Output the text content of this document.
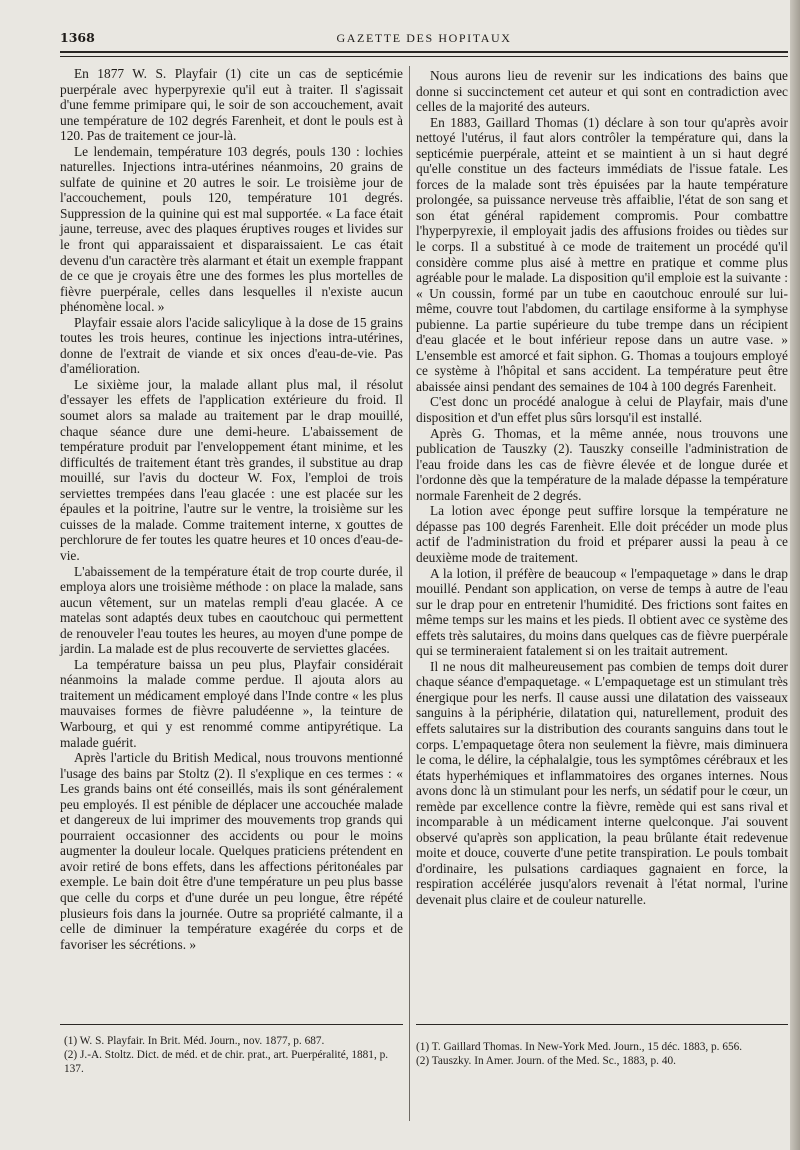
1368	GAZETTE DES HOPITAUX

En 1877 W. S. Playfair (1) cite un cas de septicémie puerpérale avec hyperpyrexie qu'il eut à traiter. Il s'agissait d'une femme primipare qui, le soir de son accouchement, avait une température de 102 degrés Farenheit, et dont le pouls est à 120. Pas de traitement ce jour-là.

Le lendemain, température 103 degrés, pouls 130 : lochies naturelles. Injections intra-utérines néanmoins, 20 grains de sulfate de quinine et 20 autres le soir. Le troisième jour de l'accouchement, pouls 120, température 101 degrés. Suppression de la quinine qui est mal supportée. « La face était jaune, terreuse, avec des plaques éruptives rouges et livides sur le front qui apparaissaient et disparaissaient. Le cas était devenu d'un caractère très alarmant et était un exemple frappant de ce que je croyais être une des formes les plus mortelles de fièvre puerpérale, celles dans lesquelles il n'existe aucun phénomène local. »

Playfair essaie alors l'acide salicylique à la dose de 15 grains toutes les trois heures, continue les injections intra-utérines, donne de l'extrait de viande et six onces d'eau-de-vie. Pas d'amélioration.

Le sixième jour, la malade allant plus mal, il résolut d'essayer les effets de l'application extérieure du froid. Il soumet alors sa malade au traitement par le drap mouillé, chaque séance dure une demi-heure. L'abaissement de température produit par l'enveloppement étant minime, et les difficultés de traitement étant très grandes, il substitue au drap mouillé, sur l'avis du docteur W. Fox, l'emploi de trois serviettes trempées dans l'eau glacée : une est placée sur les épaules et la poitrine, l'autre sur le ventre, la troisième sur les cuisses de la malade. Comme traitement interne, x gouttes de perchlorure de fer toutes les quatre heures et 10 onces d'eau-de-vie.

L'abaissement de la température était de trop courte durée, il employa alors une troisième méthode : on place la malade, sans aucun vêtement, sur un matelas rempli d'eau glacée. A ce matelas sont adaptés deux tubes en caoutchouc qui permettent de renouveler l'eau toutes les heures, au moyen d'une pompe de jardin. La malade est de plus recouverte de serviettes glacées.

La température baissa un peu plus, Playfair considérait néanmoins la malade comme perdue. Il ajouta alors au traitement un médicament employé dans l'Inde contre « les plus mauvaises formes de fièvre paludéenne », la teinture de Warbourg, et qui y est renommé comme antipyrétique. La malade guérit.

Après l'article du British Medical, nous trouvons mentionné l'usage des bains par Stoltz (2). Il s'explique en ces termes : « Les grands bains ont été conseillés, mais ils sont généralement peu employés. Il est pénible de déplacer une accouchée malade et dangereux de lui imprimer des mouvements trop grands qui pourraient occasionner des accidents ou pour le moins augmenter la douleur locale. Quelques praticiens prétendent en avoir retiré de bons effets, dans les affections péritonéales par exemple. Le bain doit être d'une température un peu plus basse que celle du corps et d'une durée un peu longue, être répété plusieurs fois dans la journée. Outre sa propriété calmante, il a celle de diminuer la température exagérée du corps et de favoriser les sécrétions. »

Nous aurons lieu de revenir sur les indications des bains que donne si succinctement cet auteur et qui sont en contradiction avec celles de la majorité des auteurs.

En 1883, Gaillard Thomas (1) déclare à son tour qu'après avoir nettoyé l'utérus, il faut alors contrôler la température qui, dans la septicémie puerpérale, atteint et se maintient à un si haut degré qu'elle constitue un des facteurs immédiats de l'issue fatale. Les forces de la malade sont très épuisées par la haute température prolongée, sa puissance nerveuse très affaiblie, l'état de son sang et son état général rapidement compromis. Pour combattre l'hyperpyrexie, il employait jadis des affusions froides ou tièdes sur le corps. Il a substitué à ce mode de traitement un procédé qu'il considère comme plus aisé à mettre en pratique et comme plus agréable pour le malade. La disposition qu'il emploie est la suivante : « Un coussin, formé par un tube en caoutchouc enroulé sur lui-même, couvre tout l'abdomen, du cartilage ensiforme à la symphyse pubienne. La partie supérieure du tube trempe dans un récipient d'eau glacée et le bout inférieur repose dans un autre vase. » L'ensemble est amorcé et fait siphon. G. Thomas a toujours employé ce système à l'hôpital et sans accident. La température peut être abaissée ainsi pendant des semaines de 104 à 100 degrés Farenheit.

C'est donc un procédé analogue à celui de Playfair, mais d'une disposition et d'un effet plus sûrs lorsqu'il est installé.

Après G. Thomas, et la même année, nous trouvons une publication de Tauszky (2). Tauszky conseille l'administration de l'eau froide dans les cas de fièvre élevée et de longue durée et l'ordonne dès que la température de la malade dépasse la température normale Farenheit de 2 degrés.

La lotion avec éponge peut suffire lorsque la température ne dépasse pas 100 degrés Farenheit. Elle doit précéder un mode plus actif de l'administration du froid et préparer aussi la peau à ce deuxième mode de traitement.

A la lotion, il préfère de beaucoup « l'empaquetage » dans le drap mouillé. Pendant son application, on verse de temps à autre de l'eau sur le drap pour en entretenir l'humidité. Des frictions sont faites en même temps sur les mains et les pieds. Il obtient avec ce système des effets très salutaires, du moins dans quelques cas de fièvre puerpérale qui se termineraient fatalement si on les traitait autrement.

Il ne nous dit malheureusement pas combien de temps doit durer chaque séance d'empaquetage. « L'empaquetage est un stimulant très énergique pour les nerfs. Il cause aussi une dilatation des vaisseaux sanguins à la périphérie, dilatation qui, naturellement, produit des effets salutaires sur la distribution des courants sanguins dans tout le corps. L'empaquetage ôtera non seulement la fièvre, mais diminuera le coma, le délire, la céphalalgie, tous les symptômes cérébraux et les états hyperhémiques et inflammatoires des organes internes. Nous avons donc là un stimulant pour les nerfs, un sédatif pour le cœur, un remède par excellence contre la fièvre, remède qui est sans rival et incomparable à un médicament interne quelconque. J'ai souvent observé qu'après son application, la peau brûlante était redevenue moite et douce, couverte d'une petite transpiration. Le pouls tombait d'ordinaire, les pulsations cardiaques gagnaient en force, la respiration accélérée jusqu'alors revenait à l'état normal, l'urine devenait plus claire et de couleur naturelle.

(1) W. S. Playfair. In Brit. Méd. Journ., nov. 1877, p. 687.
(2) J.-A. Stoltz. Dict. de méd. et de chir. prat., art. Puerpéralité, 1881, p. 137.
(1) T. Gaillard Thomas. In New-York Med. Journ., 15 déc. 1883, p. 656.
(2) Tauszky. In Amer. Journ. of the Med. Sc., 1883, p. 40.
